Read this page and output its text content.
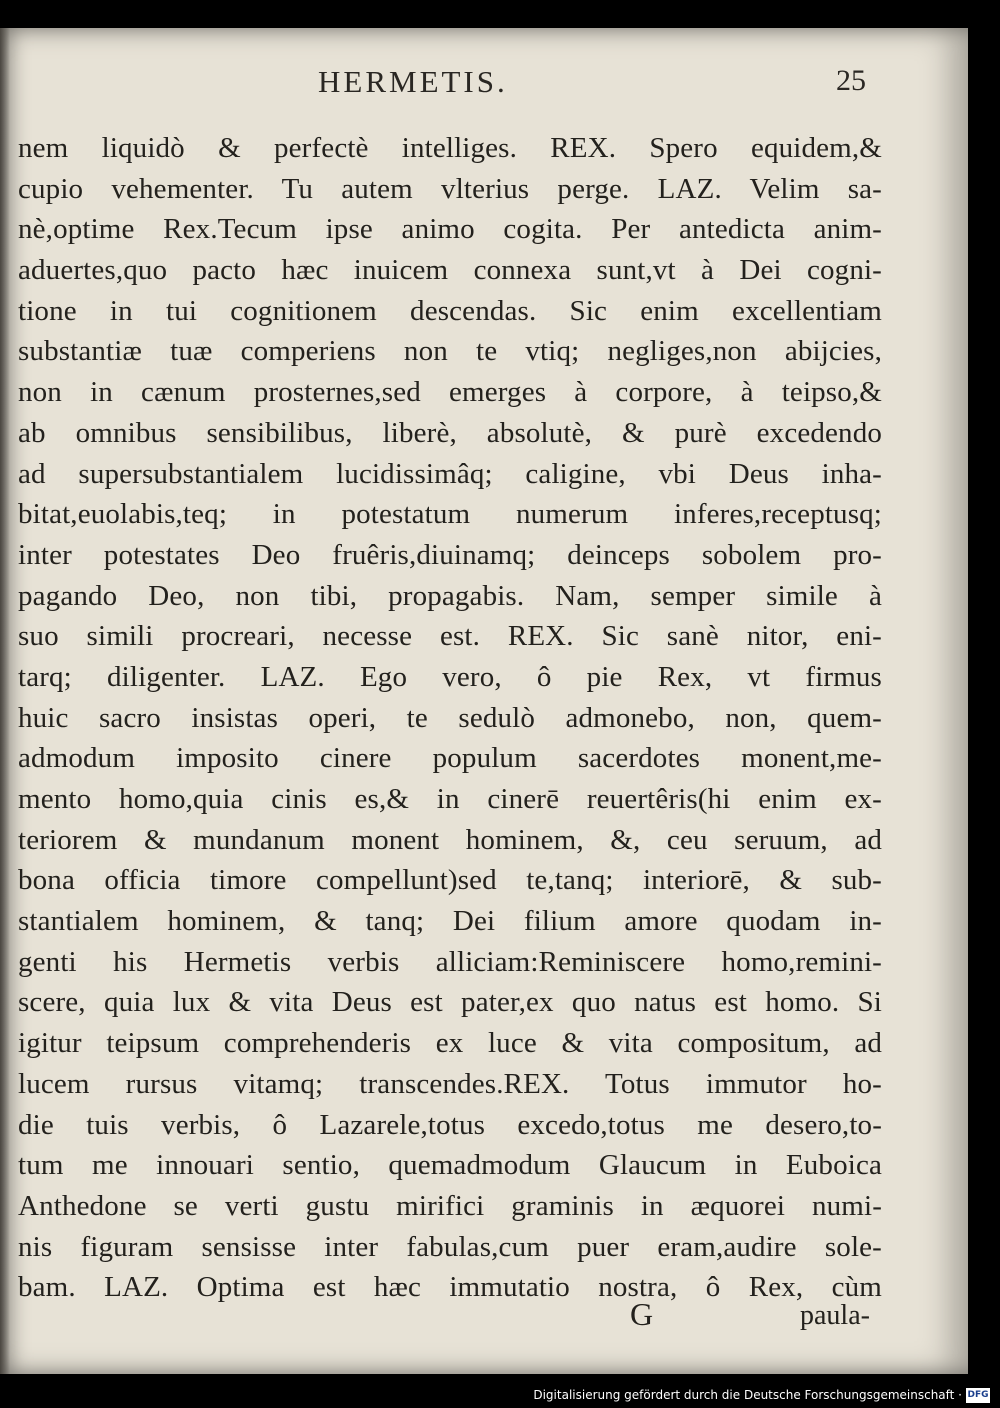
HERMETIS.	25
nem liquidò & perfectè intelliges. REX. Spero equidem,&
cupio vehementer. Tu autem vlterius perge. LAZ. Velim sa-
nè,optime Rex.Tecum ipse animo cogita. Per antedicta anim-
aduertes,quo pacto hæc inuicem connexa sunt,vt à Dei cogni-
tione in tui cognitionem descendas. Sic enim excellentiam
substantiæ tuæ comperiens non te vtiq; negliges,non abijcies,
non in cænum prosternes,sed emerges à corpore, à teipso,&
ab omnibus sensibilibus, liberè, absolutè, & purè excedendo
ad supersubstantialem lucidissimâq; caligine, vbi Deus inha-
bitat,euolabis,teq; in potestatum numerum inferes,receptusq;
inter potestates Deo fruêris,diuinamq; deinceps sobolem pro-
pagando Deo, non tibi, propagabis. Nam, semper simile à
suo simili procreari, necesse est. REX. Sic sanè nitor, eni-
tarq; diligenter. LAZ. Ego vero, ô pie Rex, vt firmus
huic sacro insistas operi, te sedulò admonebo, non, quem-
admodum imposito cinere populum sacerdotes monent,me-
mento homo,quia cinis es,& in cinerē reuertêris(hi enim ex-
teriorem & mundanum monent hominem, &, ceu seruum, ad
bona officia timore compellunt)sed te,tanq; interiorē, & sub-
stantialem hominem, & tanq; Dei filium amore quodam in-
genti his Hermetis verbis alliciam:Reminiscere homo,remini-
scere, quia lux & vita Deus est pater,ex quo natus est homo. Si
igitur teipsum comprehenderis ex luce & vita compositum, ad
lucem rursus vitamq; transcendes.REX. Totus immutor ho-
die tuis verbis, ô Lazarele,totus excedo,totus me desero,to-
tum me innouari sentio, quemadmodum Glaucum in Euboica
Anthedone se verti gustu mirifici graminis in æquorei numi-
nis figuram sensisse inter fabulas,cum puer eram,audire sole-
bam. LAZ. Optima est hæc immutatio nostra, ô Rex, cùm
G	paula-
Digitalisierung gefördert durch die Deutsche Forschungsgemeinschaft · DFG
